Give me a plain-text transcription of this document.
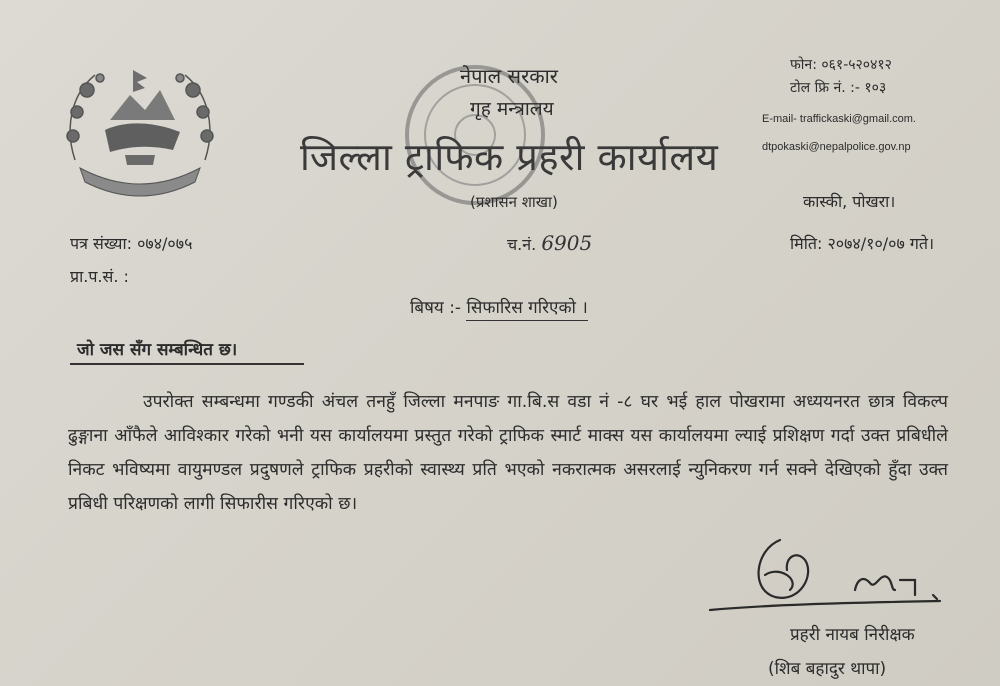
नेपाल सरकार
गृह मन्त्रालय
जिल्ला ट्राफिक प्रहरी कार्यालय
(प्रशासन शाखा)
फोन: ०६१-५२०४१२
टोल फ्रि नं. :- १०३
E-mail- traffickaski@gmail.com.
dtpokaski@nepalpolice.gov.np
कास्की, पोखरा।
पत्र संख्या: ०७४/०७५	च.नं. 6905	मिति: २०७४/१०/०७ गते।
प्रा.प.सं. :
बिषय :- सिफारिस गरिएको ।
जो जस सँग सम्बन्धित छ।
उपरोक्त सम्बन्धमा गण्डकी अंचल तनहुँ जिल्ला मनपाङ गा.बि.स वडा नं -८ घर भई हाल पोखरामा अध्ययनरत छात्र विकल्प ढुङ्गाना आँफैले आविश्कार गरेको भनी यस कार्यालयमा प्रस्तुत गरेको ट्राफिक स्मार्ट माक्स यस कार्यालयमा ल्याई प्रशिक्षण गर्दा उक्त प्रबिधीले निकट भविष्यमा वायुमण्डल प्रदुषणले ट्राफिक प्रहरीको स्वास्थ्य प्रति भएको नकरात्मक असरलाई न्युनिकरण गर्न सक्ने देखिएको हुँदा उक्त प्रबिधी परिक्षणको लागी सिफारीस गरिएको छ।
प्रहरी नायब निरीक्षक
(शिब बहादुर थापा)
